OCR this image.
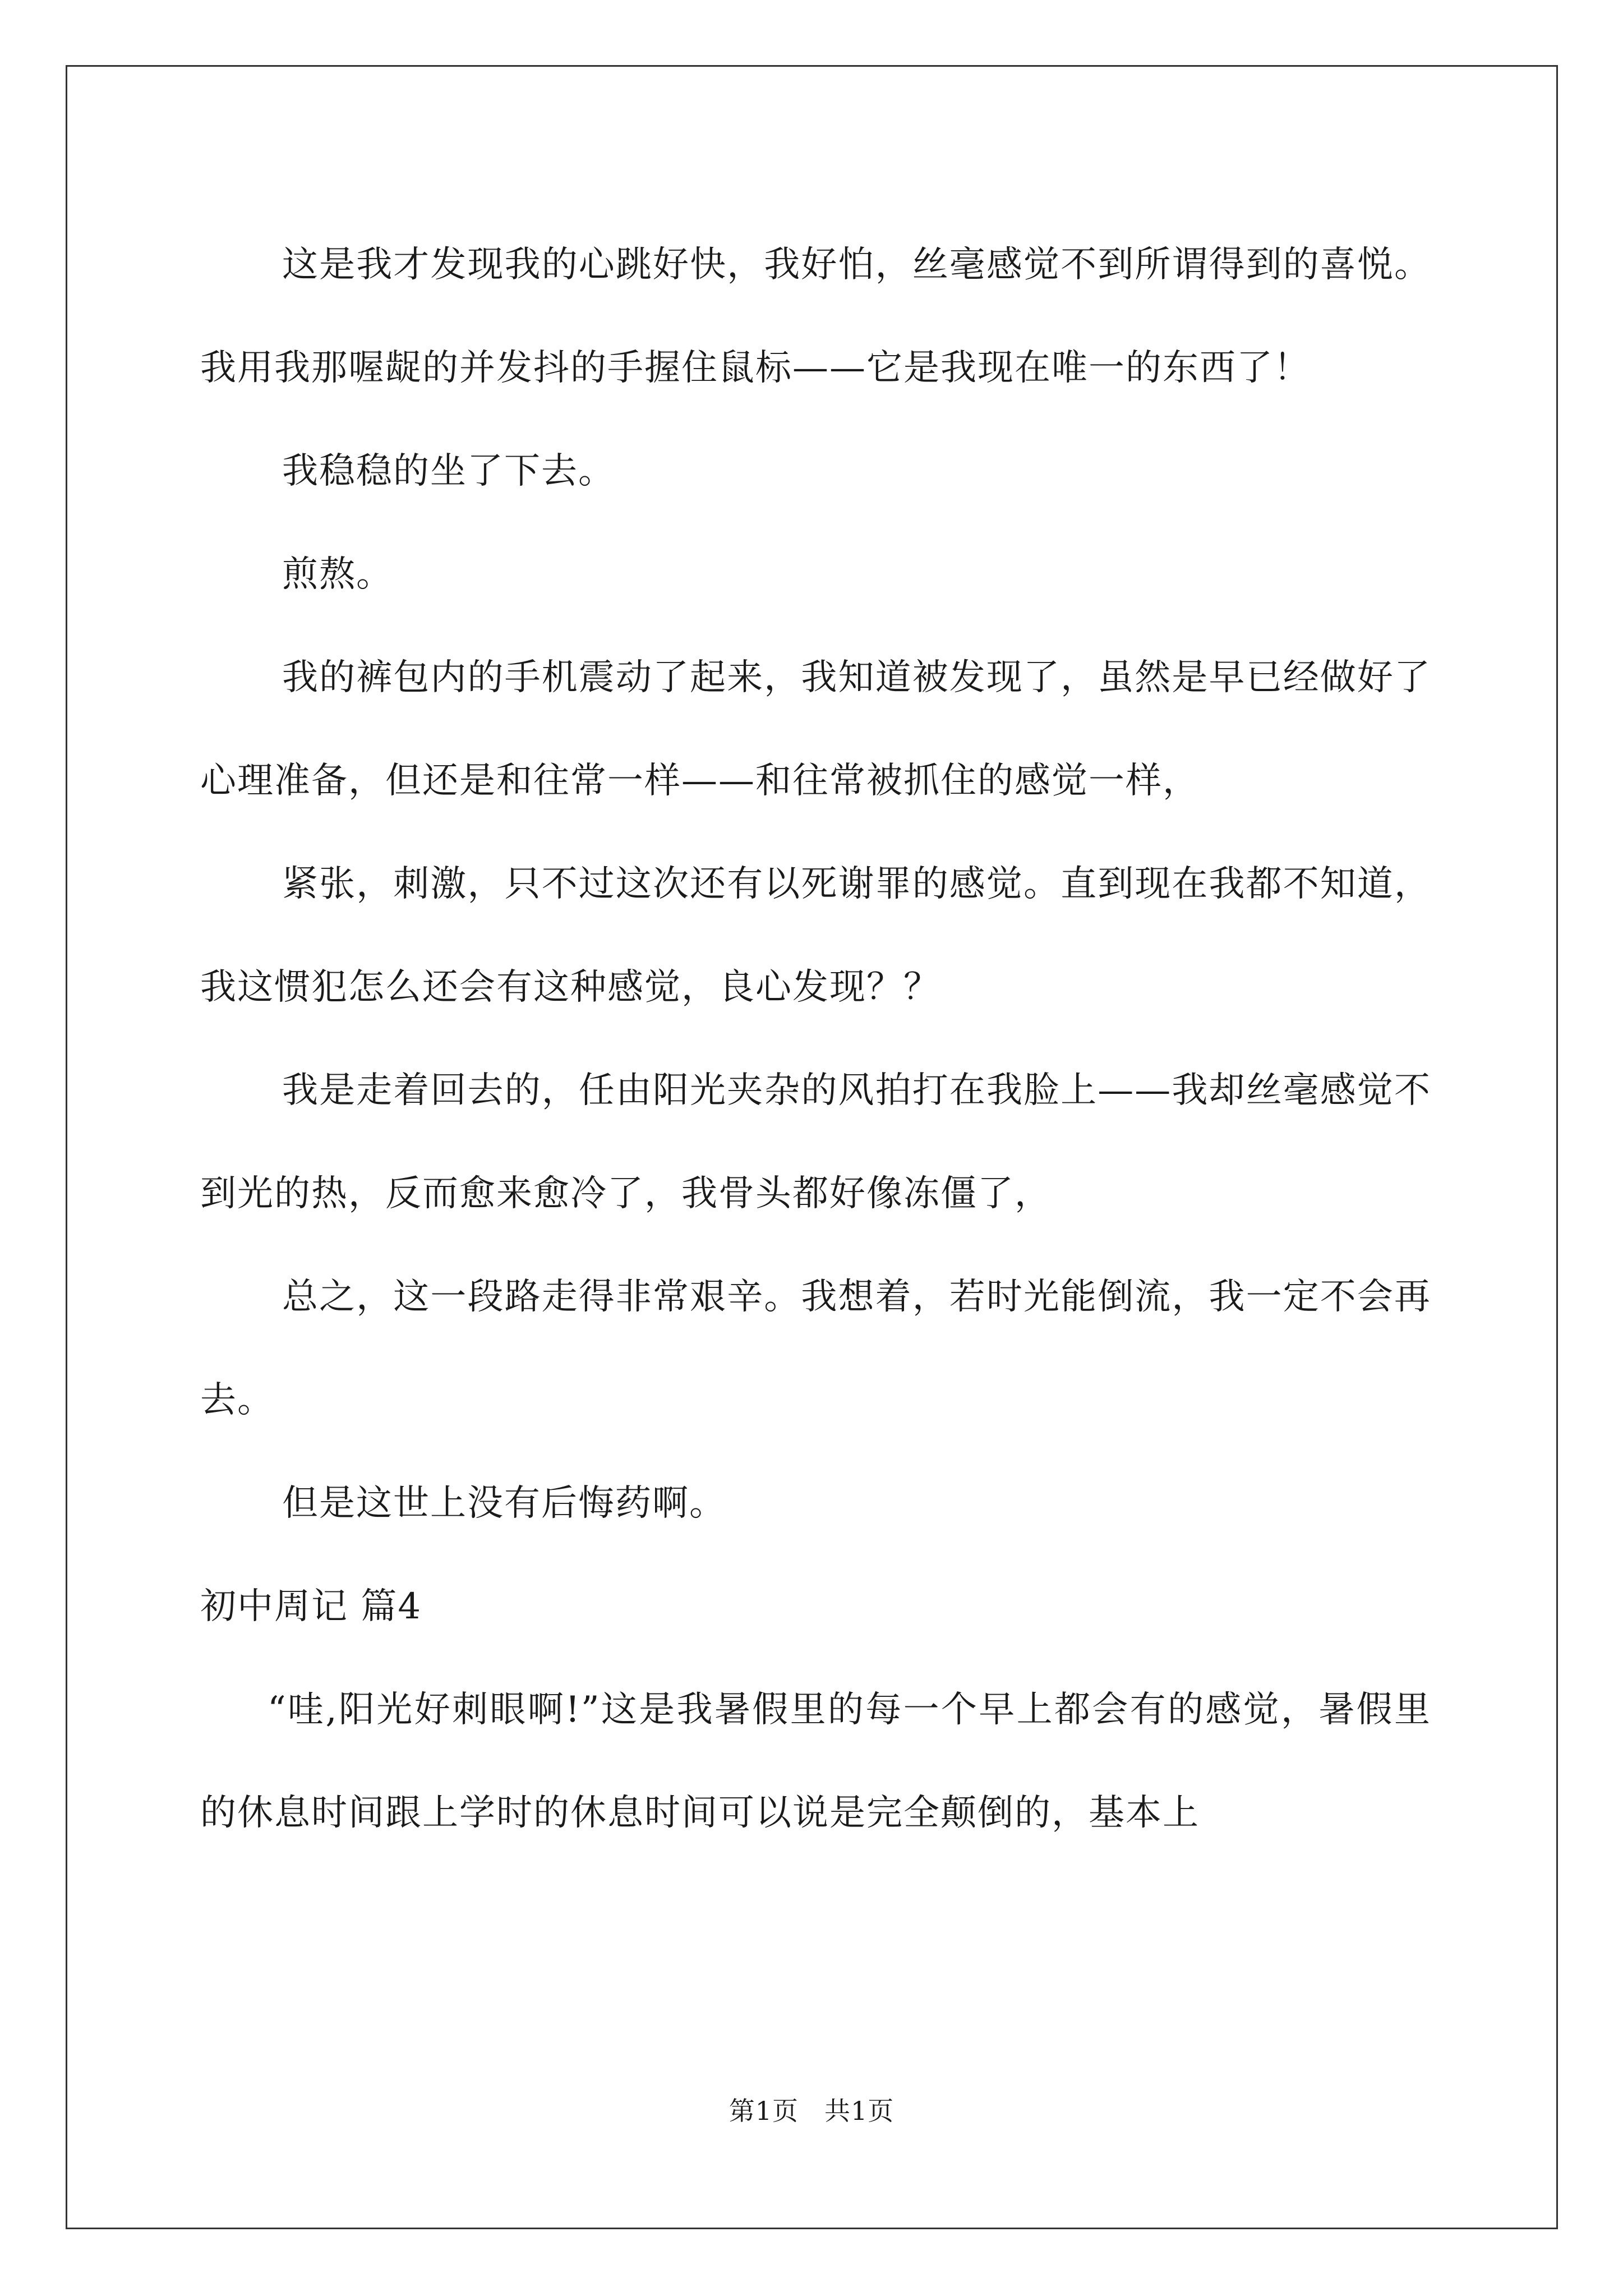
这是我才发现我的心跳好快，我好怕，丝毫感觉不到所谓得到的喜悦。我用我那喔龊的并发抖的手握住鼠标——它是我现在唯一的东西了！

我稳稳的坐了下去。

煎熬。

我的裤包内的手机震动了起来，我知道被发现了，虽然是早已经做好了心理准备，但还是和往常一样——和往常被抓住的感觉一样，

紧张，刺激，只不过这次还有以死谢罪的感觉。直到现在我都不知道，我这惯犯怎么还会有这种感觉，良心发现？？

我是走着回去的，任由阳光夹杂的风拍打在我脸上——我却丝毫感觉不到光的热，反而愈来愈冷了，我骨头都好像冻僵了，

总之，这一段路走得非常艰辛。我想着，若时光能倒流，我一定不会再去。

但是这世上没有后悔药啊。

初中周记 篇4

“哇,阳光好刺眼啊!”这是我暑假里的每一个早上都会有的感觉，暑假里的休息时间跟上学时的休息时间可以说是完全颠倒的，基本上

第1页 共1页
